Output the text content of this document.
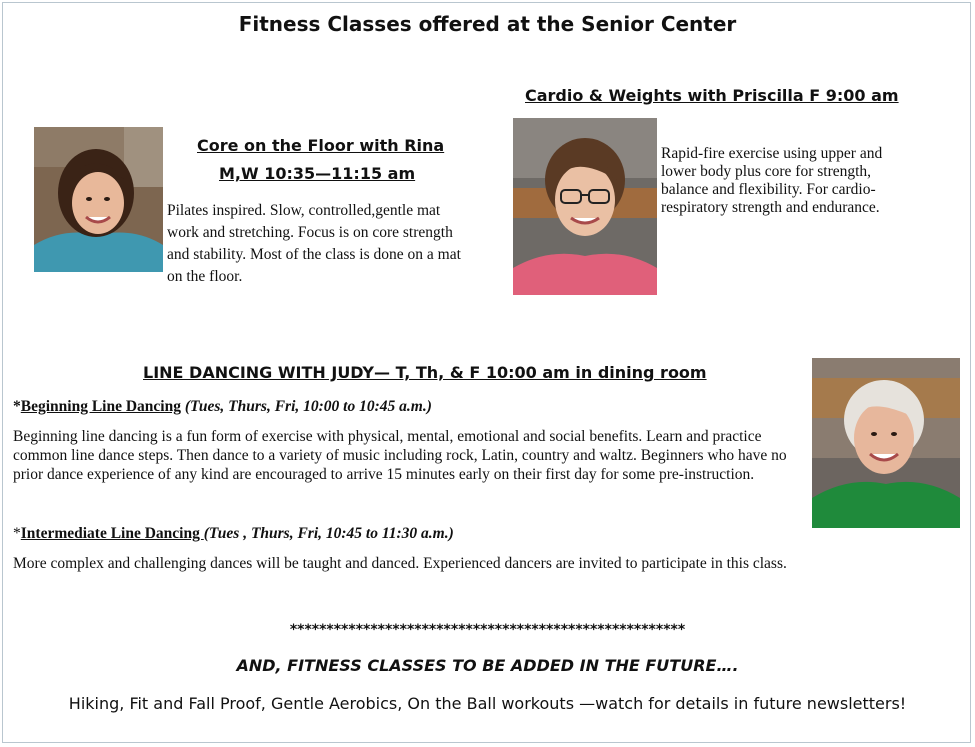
Fitness Classes offered at the Senior Center
Core on the Floor with Rina
M,W 10:35—11:15 am
Pilates inspired. Slow, controlled,gentle mat work and stretching. Focus is on core strength and stability. Most of the class is done on a mat on the floor.
Cardio & Weights with Priscilla F 9:00 am
Rapid-fire exercise using upper and lower body plus core for strength, balance and flexibility. For cardio-respiratory strength and endurance.
LINE DANCING WITH JUDY— T, Th, & F 10:00 am in dining room
*Beginning Line Dancing (Tues, Thurs, Fri, 10:00 to 10:45 a.m.)
Beginning line dancing is a fun form of exercise with physical, mental, emotional and social benefits. Learn and practice common line dance steps. Then dance to a variety of music including rock, Latin, country and waltz. Beginners who have no prior dance experience of any kind are encouraged to arrive 15 minutes early on their first day for some pre-instruction.
*Intermediate Line Dancing (Tues , Thurs, Fri, 10:45 to 11:30 a.m.)
More complex and challenging dances will be taught and danced. Experienced dancers are invited to participate in this class.
******************************************************
AND, FITNESS CLASSES TO BE ADDED IN THE FUTURE….
Hiking, Fit and Fall Proof, Gentle Aerobics, On the Ball workouts —watch for details in future newsletters!
